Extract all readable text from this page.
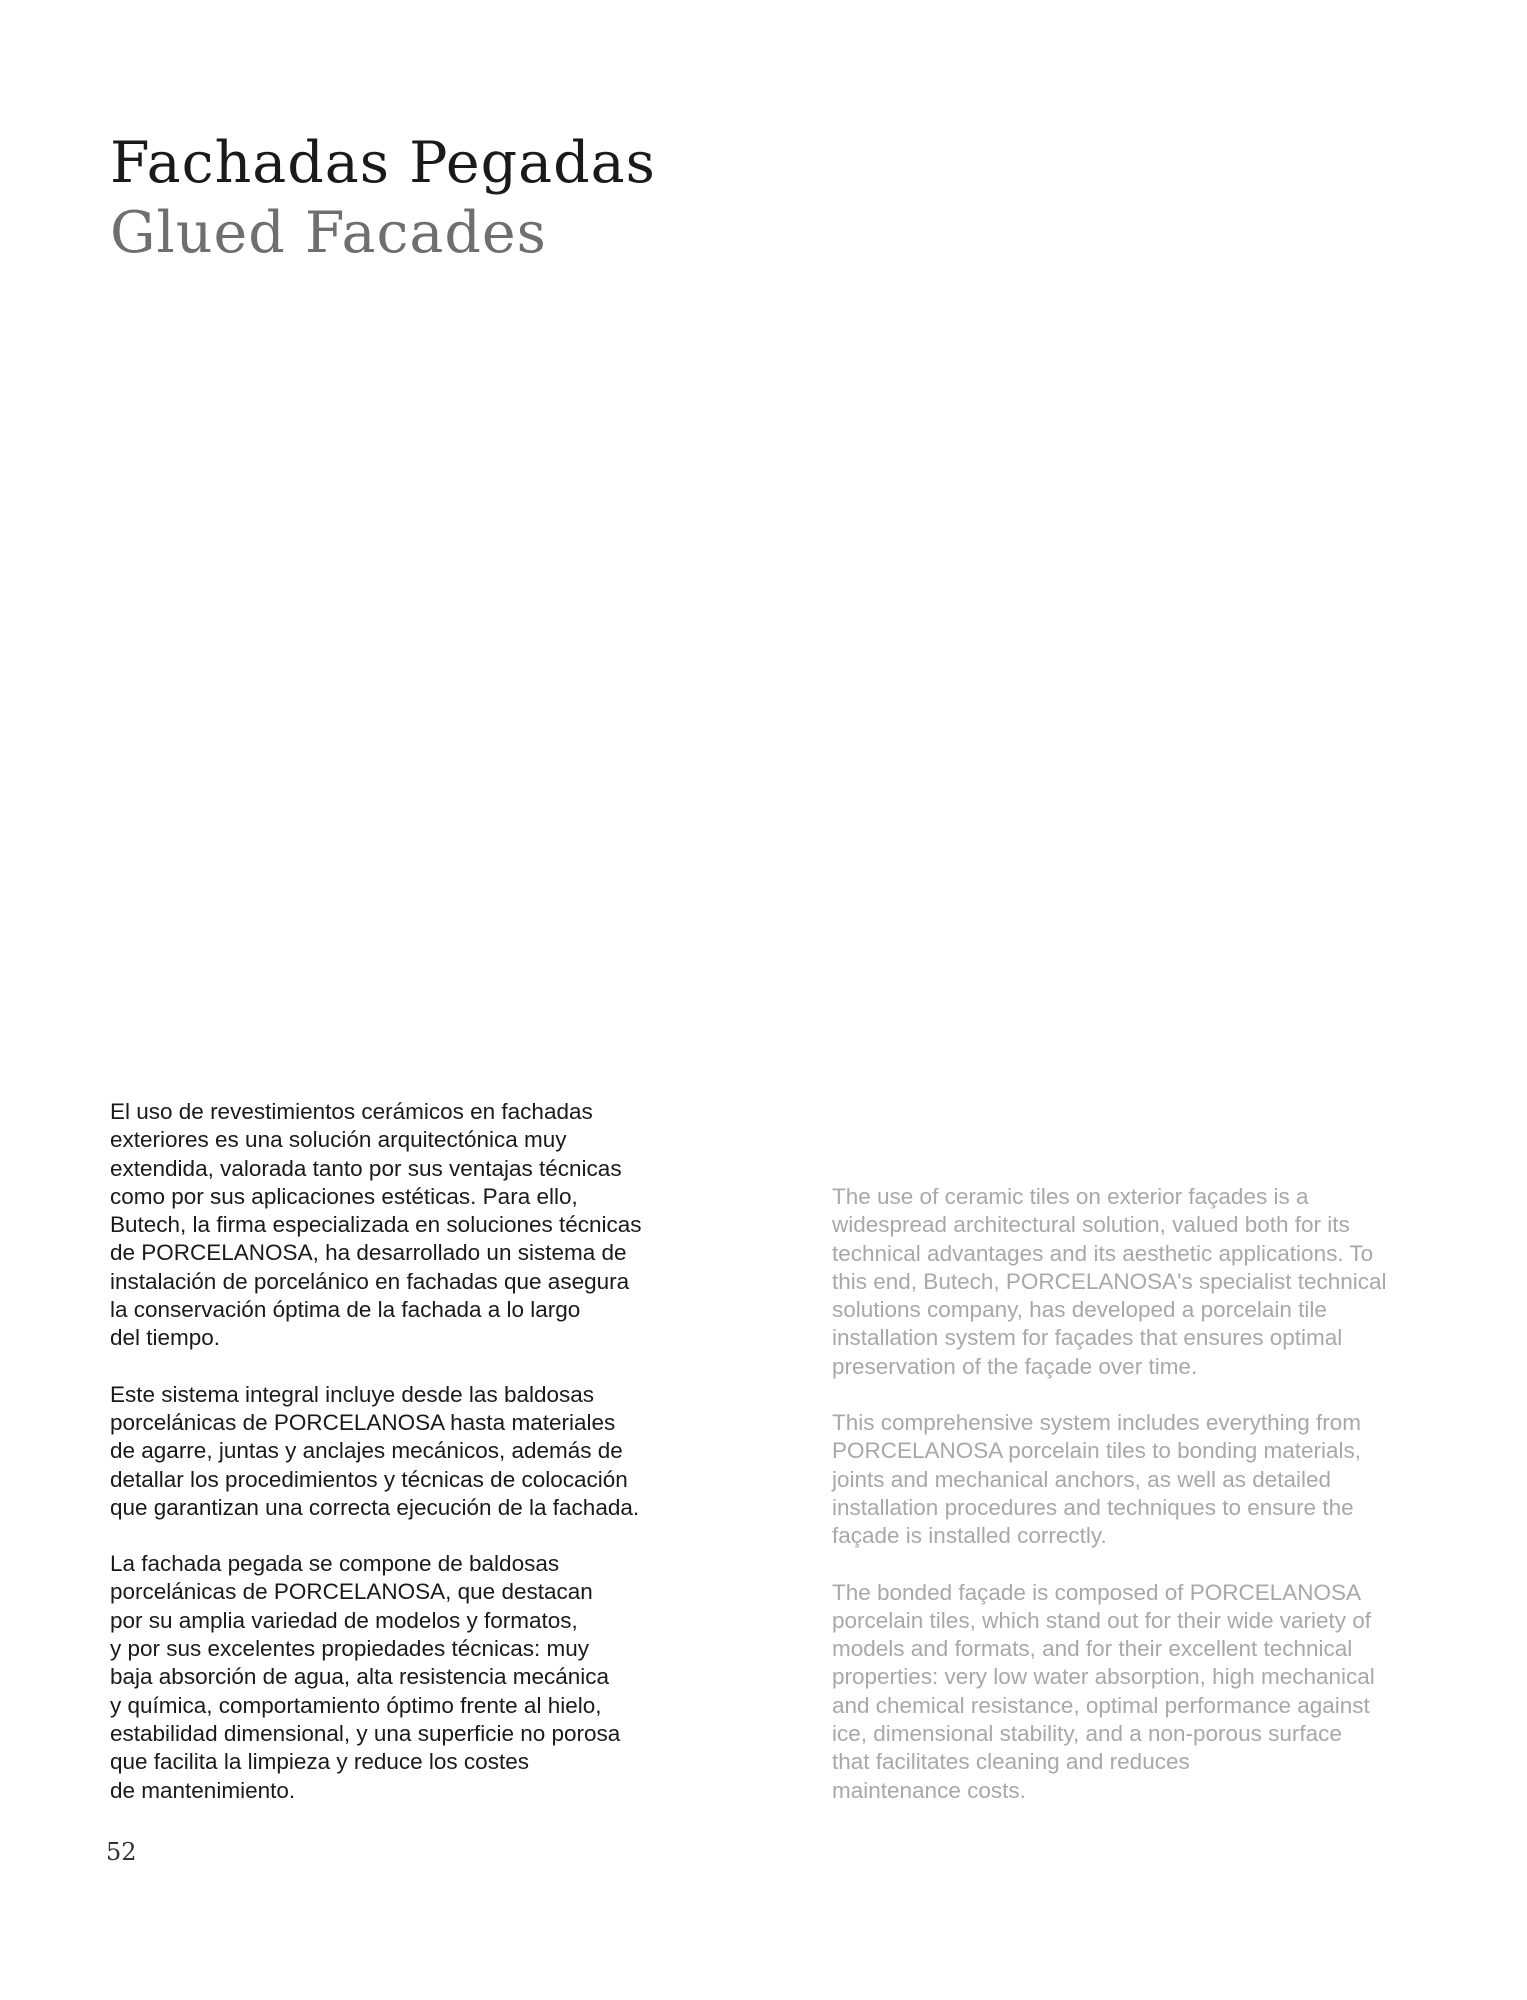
Fachadas Pegadas
Glued Facades

El uso de revestimientos cerámicos en fachadas
exteriores es una solución arquitectónica muy
extendida, valorada tanto por sus ventajas técnicas
como por sus aplicaciones estéticas. Para ello,
Butech, la firma especializada en soluciones técnicas
de PORCELANOSA, ha desarrollado un sistema de
instalación de porcelánico en fachadas que asegura
la conservación óptima de la fachada a lo largo
del tiempo.

Este sistema integral incluye desde las baldosas
porcelánicas de PORCELANOSA hasta materiales
de agarre, juntas y anclajes mecánicos, además de
detallar los procedimientos y técnicas de colocación
que garantizan una correcta ejecución de la fachada.

La fachada pegada se compone de baldosas
porcelánicas de PORCELANOSA, que destacan
por su amplia variedad de modelos y formatos,
y por sus excelentes propiedades técnicas: muy
baja absorción de agua, alta resistencia mecánica
y química, comportamiento óptimo frente al hielo,
estabilidad dimensional, y una superficie no porosa
que facilita la limpieza y reduce los costes
de mantenimiento.

The use of ceramic tiles on exterior façades is a
widespread architectural solution, valued both for its
technical advantages and its aesthetic applications. To
this end, Butech, PORCELANOSA's specialist technical
solutions company, has developed a porcelain tile
installation system for façades that ensures optimal
preservation of the façade over time.

This comprehensive system includes everything from
PORCELANOSA porcelain tiles to bonding materials,
joints and mechanical anchors, as well as detailed
installation procedures and techniques to ensure the
façade is installed correctly.

The bonded façade is composed of PORCELANOSA
porcelain tiles, which stand out for their wide variety of
models and formats, and for their excellent technical
properties: very low water absorption, high mechanical
and chemical resistance, optimal performance against
ice, dimensional stability, and a non-porous surface
that facilitates cleaning and reduces
maintenance costs.

52
